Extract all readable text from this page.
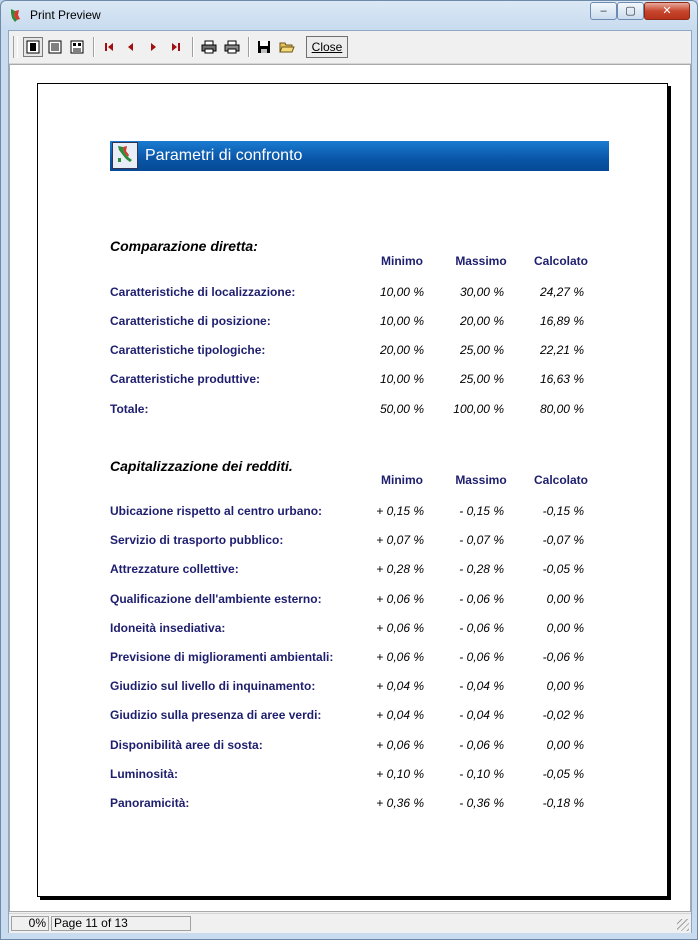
Print Preview	–	▢	✕
Close
Parametri di confronto
Comparazione diretta:
Minimo	Massimo	Calcolato
Caratteristiche di localizzazione:	10,00 %	30,00 %	24,27 %
Caratteristiche di posizione:	10,00 %	20,00 %	16,89 %
Caratteristiche tipologiche:	20,00 %	25,00 %	22,21 %
Caratteristiche produttive:	10,00 %	25,00 %	16,63 %
Totale:	50,00 %	100,00 %	80,00 %
Capitalizzazione dei redditi.
Minimo	Massimo	Calcolato
Ubicazione rispetto al centro urbano:	+ 0,15 %	- 0,15 %	-0,15 %
Servizio di trasporto pubblico:	+ 0,07 %	- 0,07 %	-0,07 %
Attrezzature collettive:	+ 0,28 %	- 0,28 %	-0,05 %
Qualificazione dell'ambiente esterno:	+ 0,06 %	- 0,06 %	0,00 %
Idoneità insediativa:	+ 0,06 %	- 0,06 %	0,00 %
Previsione di miglioramenti ambientali:	+ 0,06 %	- 0,06 %	-0,06 %
Giudizio sul livello di inquinamento:	+ 0,04 %	- 0,04 %	0,00 %
Giudizio sulla presenza di aree verdi:	+ 0,04 %	- 0,04 %	-0,02 %
Disponibilità aree di sosta:	+ 0,06 %	- 0,06 %	0,00 %
Luminosità:	+ 0,10 %	- 0,10 %	-0,05 %
Panoramicità:	+ 0,36 %	- 0,36 %	-0,18 %
0% Page 11 of 13
